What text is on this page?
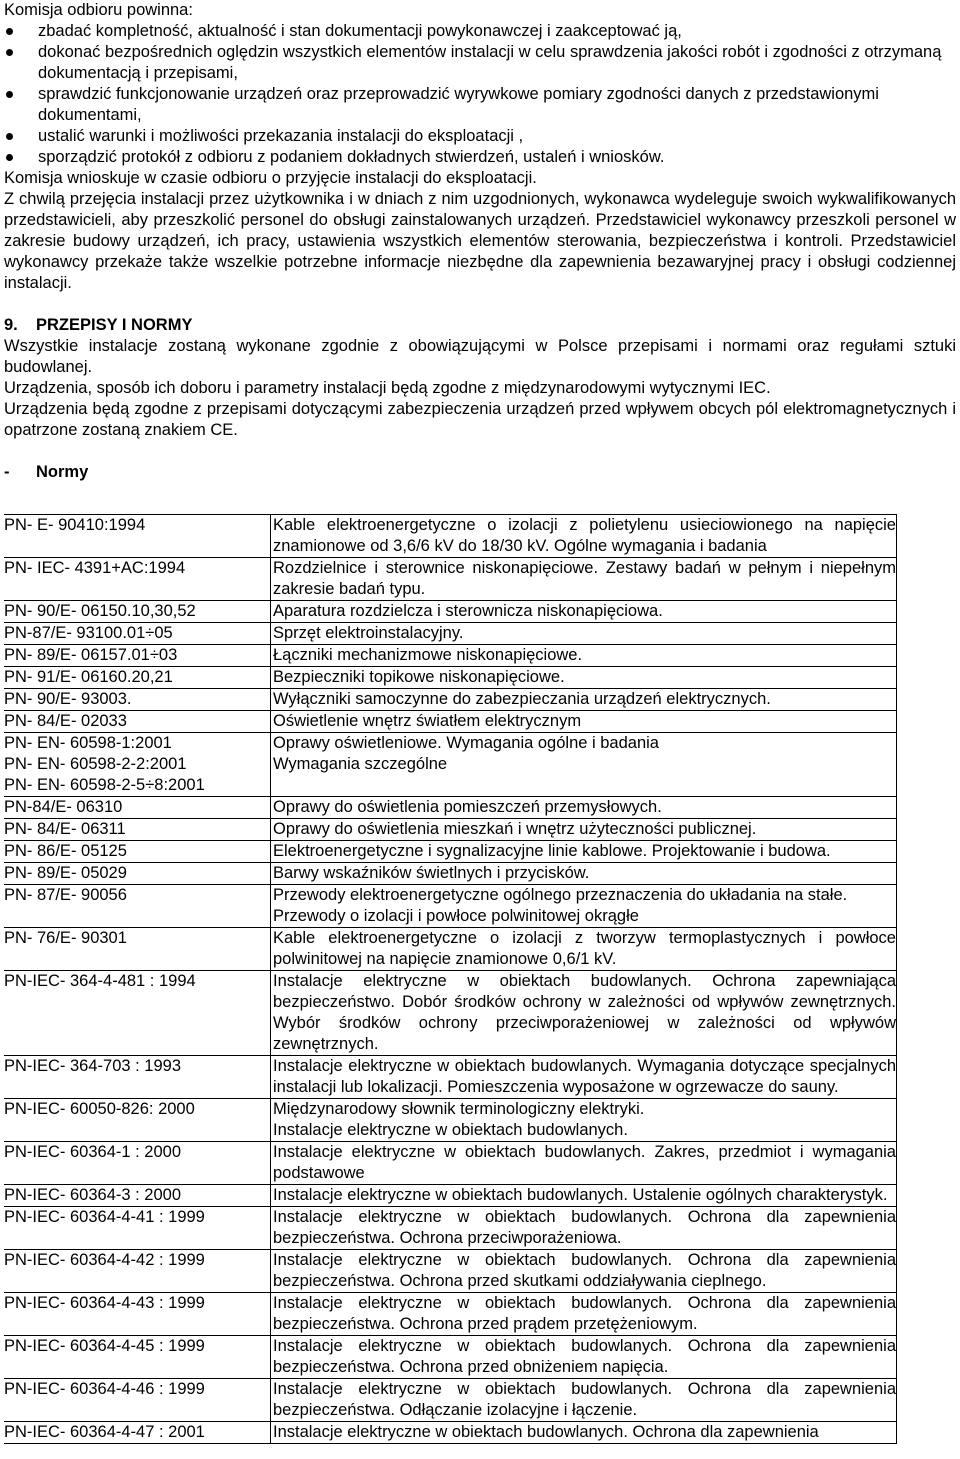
Komisja odbioru powinna:

zbadać kompletność, aktualność i stan dokumentacji powykonawczej i zaakceptować ją,
dokonać bezpośrednich oględzin wszystkich elementów instalacji w celu sprawdzenia jakości robót i zgodności z otrzymaną dokumentacją i przepisami,
sprawdzić funkcjonowanie urządzeń oraz przeprowadzić wyrywkowe pomiary zgodności danych z przedstawionymi dokumentami,
ustalić warunki i możliwości przekazania instalacji do eksploatacji ,
sporządzić protokół z odbioru z podaniem dokładnych stwierdzeń, ustaleń i wniosków.

Komisja wnioskuje w czasie odbioru o przyjęcie instalacji do eksploatacji.

Z chwilą przejęcia instalacji przez użytkownika i w dniach z nim uzgodnionych, wykonawca wydeleguje swoich wykwalifikowanych przedstawicieli, aby przeszkolić personel do obsługi zainstalowanych urządzeń. Przedstawiciel wykonawcy przeszkoli personel w zakresie budowy urządzeń, ich pracy, ustawienia wszystkich elementów sterowania, bezpieczeństwa i kontroli. Przedstawiciel wykonawcy przekaże także wszelkie potrzebne informacje niezbędne dla zapewnienia bezawaryjnej pracy i obsługi codziennej instalacji.

9. PRZEPISY I NORMY

Wszystkie instalacje zostaną wykonane zgodnie z obowiązującymi w Polsce przepisami i normami oraz regułami sztuki budowlanej.

Urządzenia, sposób ich doboru i parametry instalacji będą zgodne z międzynarodowymi wytycznymi IEC.

Urządzenia będą zgodne z przepisami dotyczącymi zabezpieczenia urządzeń przed wpływem obcych pól elektromagnetycznych i opatrzone zostaną znakiem CE.

- Normy
PN- E- 90410:1994	Kable elektroenergetyczne o izolacji z polietylenu usieciowionego na napięcie znamionowe od 3,6/6 kV do 18/30 kV. Ogólne wymagania i badania

PN- IEC- 4391+AC:1994	Rozdzielnice i sterownice niskonapięciowe. Zestawy badań w pełnym i niepełnym zakresie badań typu.

PN- 90/E- 06150.10,30,52	Aparatura rozdzielcza i sterownicza niskonapięciowa.

PN-87/E- 93100.01÷05	Sprzęt elektroinstalacyjny.

PN- 89/E- 06157.01÷03	Łączniki mechanizmowe niskonapięciowe.

PN- 91/E- 06160.20,21	Bezpieczniki topikowe niskonapięciowe.

PN- 90/E- 93003.	Wyłączniki samoczynne do zabezpieczania urządzeń elektrycznych.

PN- 84/E- 02033	Oświetlenie wnętrz światłem elektrycznym

PN- EN- 60598-1:2001
PN- EN- 60598-2-2:2001
PN- EN- 60598-2-5÷8:2001	Oprawy oświetleniowe. Wymagania ogólne i badania
Wymagania szczególne

PN-84/E- 06310	Oprawy do oświetlenia pomieszczeń przemysłowych.

PN- 84/E- 06311	Oprawy do oświetlenia mieszkań i wnętrz użyteczności publicznej.

PN- 86/E- 05125	Elektroenergetyczne i sygnalizacyjne linie kablowe. Projektowanie i budowa.

PN- 89/E- 05029	Barwy wskaźników świetlnych i przycisków.

PN- 87/E- 90056	Przewody elektroenergetyczne ogólnego przeznaczenia do układania na stałe.
Przewody o izolacji i powłoce polwinitowej okrągłe

PN- 76/E- 90301	Kable elektroenergetyczne o izolacji z tworzyw termoplastycznych i powłoce polwinitowej na napięcie znamionowe 0,6/1 kV.

PN-IEC- 364-4-481 : 1994	Instalacje elektryczne w obiektach budowlanych. Ochrona zapewniająca bezpieczeństwo. Dobór środków ochrony w zależności od wpływów zewnętrznych. Wybór środków ochrony przeciwporażeniowej w zależności od wpływów zewnętrznych.

PN-IEC- 364-703 : 1993	Instalacje elektryczne w obiektach budowlanych. Wymagania dotyczące specjalnych instalacji lub lokalizacji. Pomieszczenia wyposażone w ogrzewacze do sauny.

PN-IEC- 60050-826: 2000	Międzynarodowy słownik terminologiczny elektryki.
Instalacje elektryczne w obiektach budowlanych.

PN-IEC- 60364-1 : 2000	Instalacje elektryczne w obiektach budowlanych. Zakres, przedmiot i wymagania podstawowe

PN-IEC- 60364-3 : 2000	Instalacje elektryczne w obiektach budowlanych. Ustalenie ogólnych charakterystyk.

PN-IEC- 60364-4-41 : 1999	Instalacje elektryczne w obiektach budowlanych. Ochrona dla zapewnienia bezpieczeństwa. Ochrona przeciwporażeniowa.

PN-IEC- 60364-4-42 : 1999	Instalacje elektryczne w obiektach budowlanych. Ochrona dla zapewnienia bezpieczeństwa. Ochrona przed skutkami oddziaływania cieplnego.

PN-IEC- 60364-4-43 : 1999	Instalacje elektryczne w obiektach budowlanych. Ochrona dla zapewnienia bezpieczeństwa. Ochrona przed prądem przetężeniowym.

PN-IEC- 60364-4-45 : 1999	Instalacje elektryczne w obiektach budowlanych. Ochrona dla zapewnienia bezpieczeństwa. Ochrona przed obniżeniem napięcia.

PN-IEC- 60364-4-46 : 1999	Instalacje elektryczne w obiektach budowlanych. Ochrona dla zapewnienia bezpieczeństwa. Odłączanie izolacyjne i łączenie.

PN-IEC- 60364-4-47 : 2001	Instalacje elektryczne w obiektach budowlanych. Ochrona dla zapewnienia
